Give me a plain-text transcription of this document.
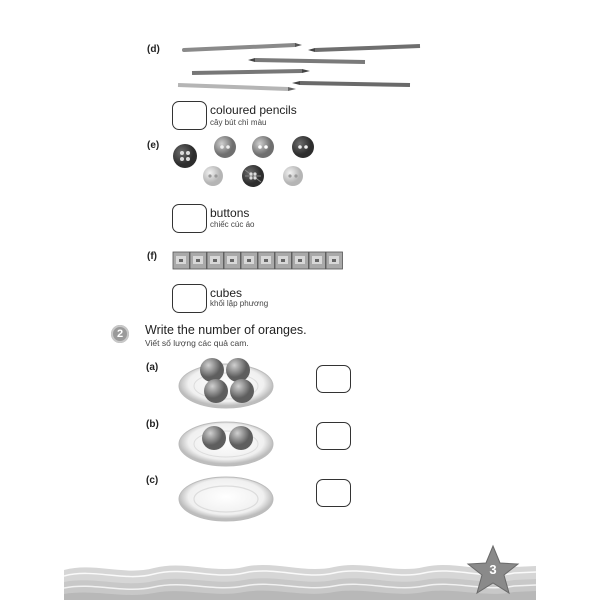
(d)
coloured pencils
cây bút chì màu
(e)
buttons
chiếc cúc áo
(f)
cubes
khối lập phương
2	Write the number of oranges.
Viết số lượng các quả cam.
(a)
(b)
(c)
3
